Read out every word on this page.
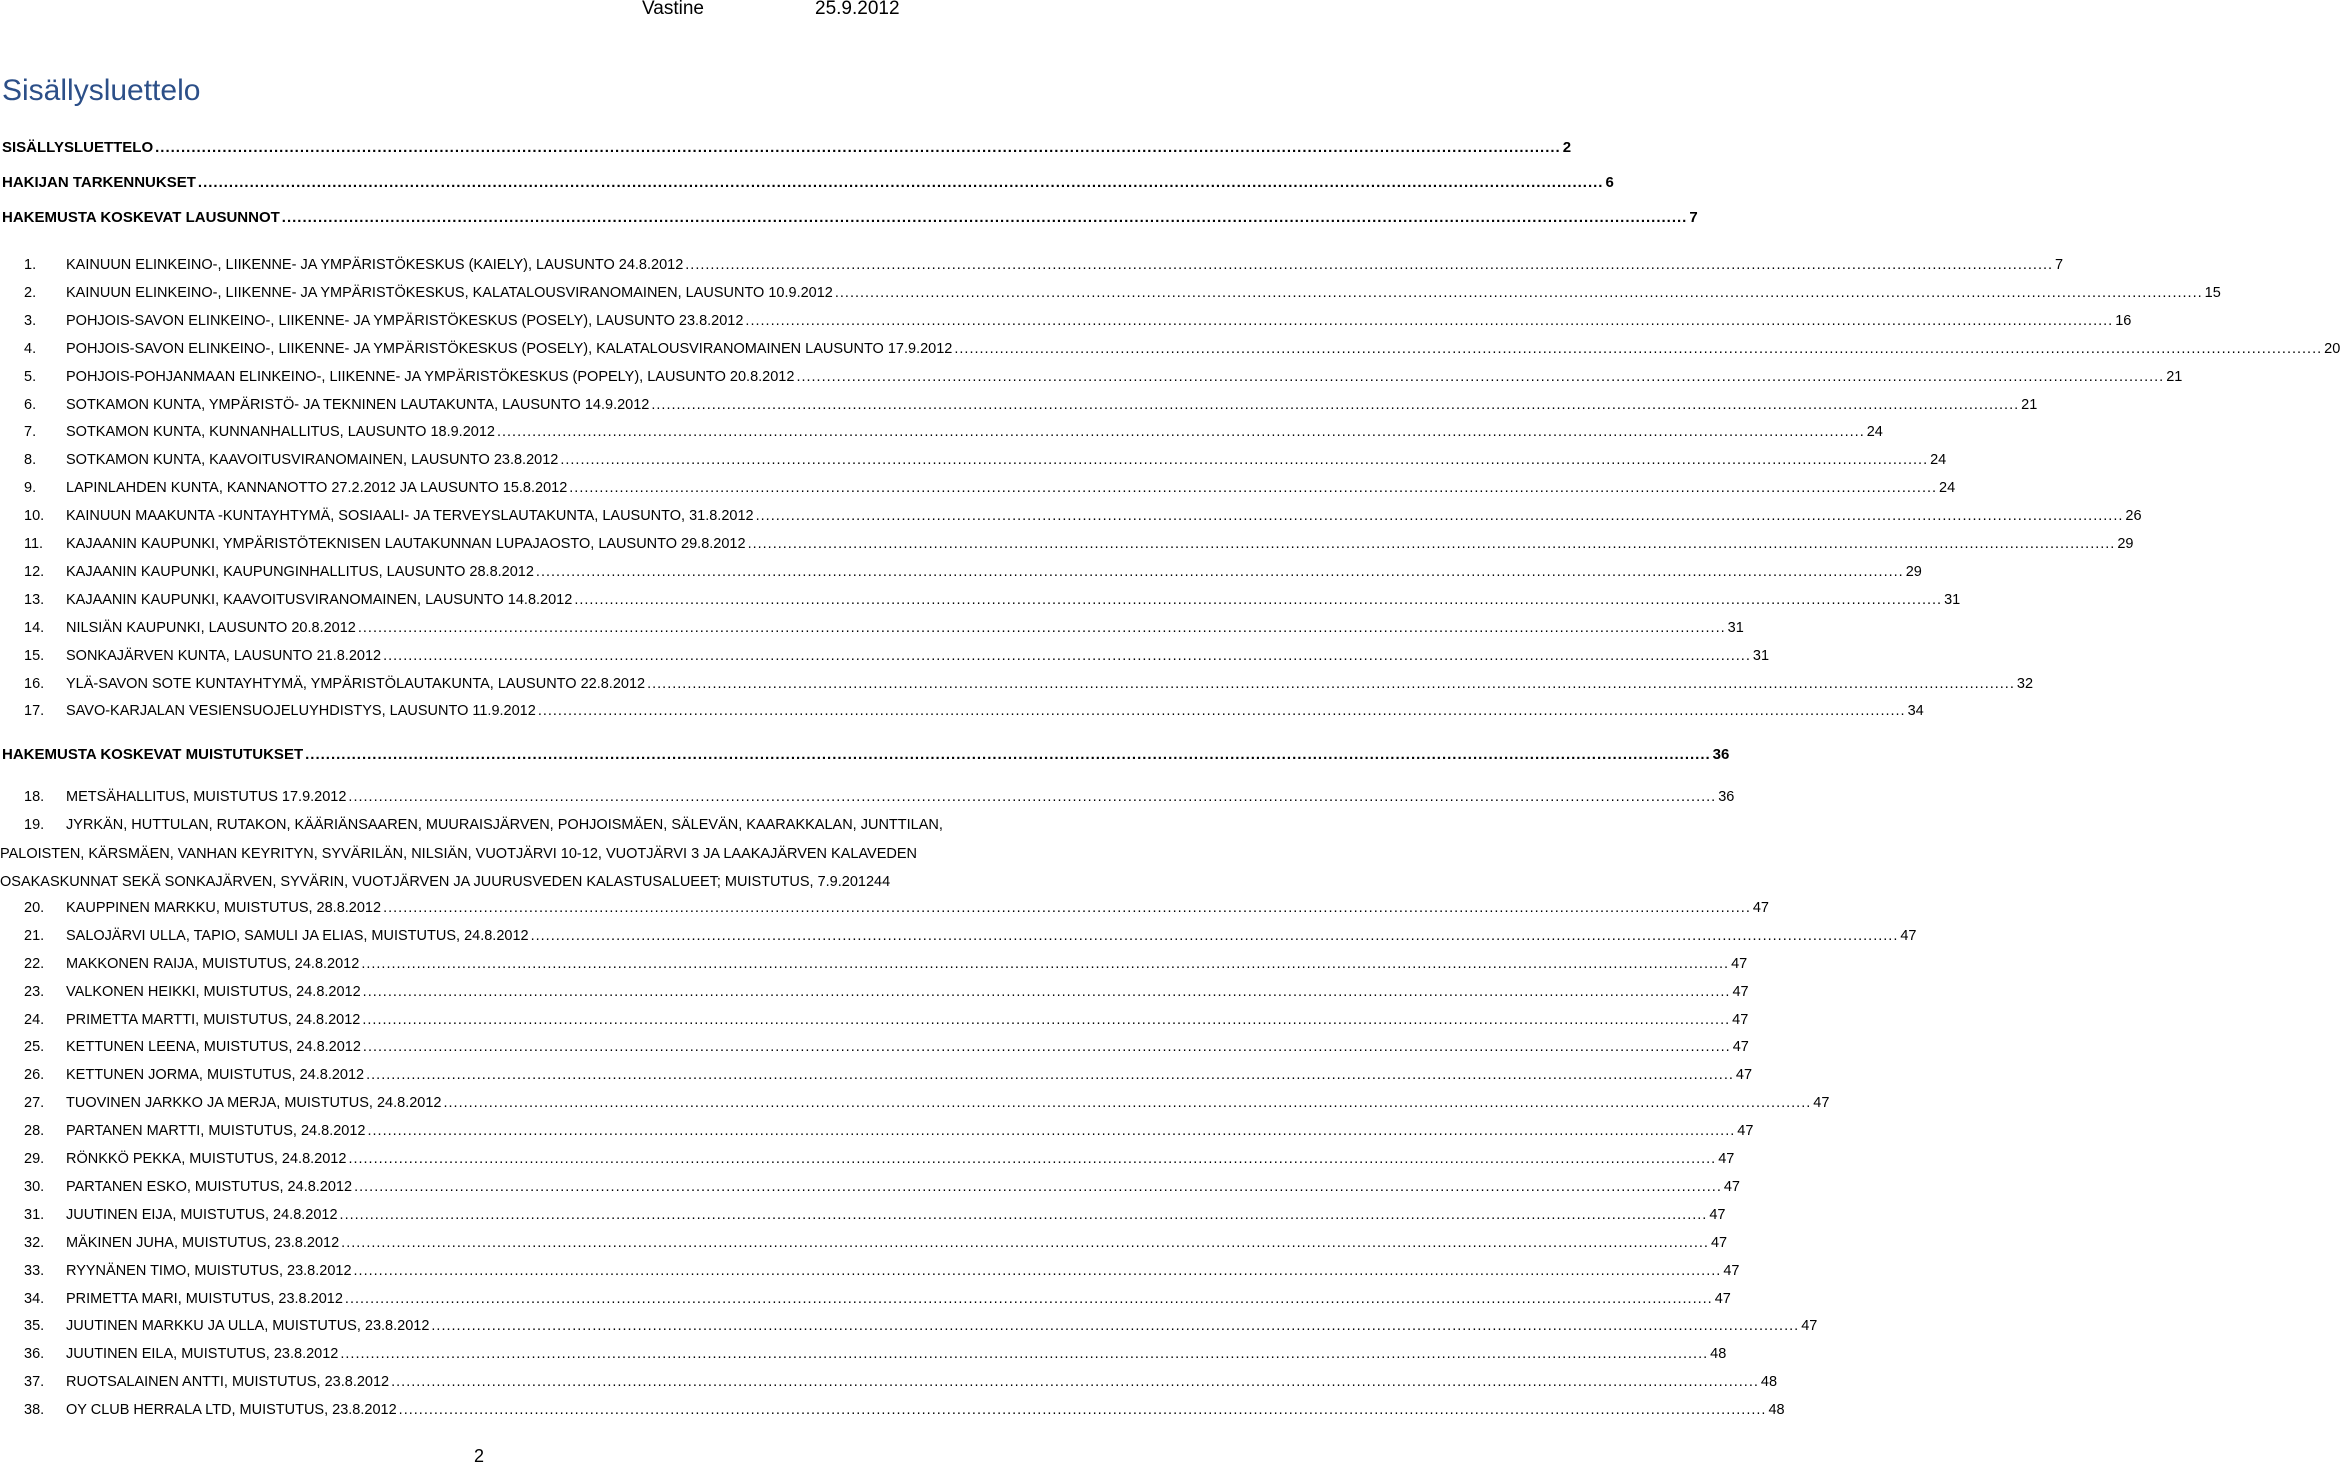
Vastine	25.9.2012
Sisällysluettelo
SISÄLLYSLUETTELO .....	2
HAKIJAN TARKENNUKSET .....	6
HAKEMUSTA KOSKEVAT LAUSUNNOT .....	7
1.	KAINUUN ELINKEINO-, LIIKENNE- JA YMPÄRISTÖKESKUS (KAIELY), LAUSUNTO 24.8.2012 .....	7
2.	KAINUUN ELINKEINO-, LIIKENNE- JA YMPÄRISTÖKESKUS, KALATALOUSVIRANOMAINEN, LAUSUNTO 10.9.2012 .....	15
3.	POHJOIS-SAVON ELINKEINO-, LIIKENNE- JA YMPÄRISTÖKESKUS (POSELY), LAUSUNTO 23.8.2012 .....	16
4.	POHJOIS-SAVON ELINKEINO-, LIIKENNE- JA YMPÄRISTÖKESKUS (POSELY), KALATALOUSVIRANOMAINEN LAUSUNTO 17.9.2012 .....	20
5.	POHJOIS-POHJANMAAN ELINKEINO-, LIIKENNE- JA YMPÄRISTÖKESKUS (POPELY), LAUSUNTO 20.8.2012 .....	21
6.	SOTKAMON KUNTA, YMPÄRISTÖ- JA TEKNINEN LAUTAKUNTA, LAUSUNTO 14.9.2012 .....	21
7.	SOTKAMON KUNTA, KUNNANHALLITUS, LAUSUNTO 18.9.2012 .....	24
8.	SOTKAMON KUNTA, KAAVOITUSVIRANOMAINEN, LAUSUNTO 23.8.2012 .....	24
9.	LAPINLAHDEN KUNTA, KANNANOTTO 27.2.2012 JA LAUSUNTO 15.8.2012 .....	24
10.	KAINUUN MAAKUNTA -KUNTAYHTYMÄ, SOSIAALI- JA TERVEYSLAUTAKUNTA, LAUSUNTO, 31.8.2012 .....	26
11.	KAJAANIN KAUPUNKI, YMPÄRISTÖTEKNISEN LAUTAKUNNAN LUPAJAOSTO, LAUSUNTO 29.8.2012 .....	29
12.	KAJAANIN KAUPUNKI, KAUPUNGINHALLITUS, LAUSUNTO 28.8.2012 .....	29
13.	KAJAANIN KAUPUNKI, KAAVOITUSVIRANOMAINEN, LAUSUNTO 14.8.2012 .....	31
14.	NILSIÄN KAUPUNKI, LAUSUNTO 20.8.2012 .....	31
15.	SONKAJÄRVEN KUNTA, LAUSUNTO 21.8.2012 .....	31
16.	YLÄ-SAVON SOTE KUNTAYHTYMÄ, YMPÄRISTÖLAUTAKUNTA, LAUSUNTO 22.8.2012 .....	32
17.	SAVO-KARJALAN VESIENSUOJELUYHDISTYS, LAUSUNTO 11.9.2012 .....	34
HAKEMUSTA KOSKEVAT MUISTUTUKSET .....	36
18.	METSÄHALLITUS, MUISTUTUS 17.9.2012 .....	36
19. JYRKÄN, HUTTULAN, RUTAKON, KÄÄRIÄNSAAREN, MUURAISJÄRVEN, POHJOISMÄEN, SÄLEVÄN, KAARAKKALAN, JUNTTILAN,
PALOISTEN, KÄRSMÄEN, VANHAN KEYRITYN, SYVÄRILÄN, NILSIÄN, VUOTJÄRVI 10-12, VUOTJÄRVI 3 JA LAAKAJÄRVEN KALAVEDEN
OSAKASKUNNAT SEKÄ SONKAJÄRVEN, SYVÄRIN, VUOTJÄRVEN JA JUURUSVEDEN KALASTUSALUEET; MUISTUTUS, 7.9.2012 44
20.	KAUPPINEN MARKKU, MUISTUTUS, 28.8.2012 .....	47
21.	SALOJÄRVI ULLA, TAPIO, SAMULI JA ELIAS, MUISTUTUS, 24.8.2012 .....	47
22.	MAKKONEN RAIJA, MUISTUTUS, 24.8.2012 .....	47
23.	VALKONEN HEIKKI, MUISTUTUS, 24.8.2012 .....	47
24.	PRIMETTA MARTTI, MUISTUTUS, 24.8.2012 .....	47
25.	KETTUNEN LEENA, MUISTUTUS, 24.8.2012 .....	47
26.	KETTUNEN JORMA, MUISTUTUS, 24.8.2012 .....	47
27.	TUOVINEN JARKKO JA MERJA, MUISTUTUS, 24.8.2012 .....	47
28.	PARTANEN MARTTI, MUISTUTUS, 24.8.2012 .....	47
29.	RÖNKKÖ PEKKA, MUISTUTUS, 24.8.2012 .....	47
30.	PARTANEN ESKO, MUISTUTUS, 24.8.2012 .....	47
31.	JUUTINEN EIJA, MUISTUTUS, 24.8.2012 .....	47
32.	MÄKINEN JUHA, MUISTUTUS, 23.8.2012 .....	47
33.	RYYNÄNEN TIMO, MUISTUTUS, 23.8.2012 .....	47
34.	PRIMETTA MARI, MUISTUTUS, 23.8.2012 .....	47
35.	JUUTINEN MARKKU JA ULLA, MUISTUTUS, 23.8.2012 .....	47
36.	JUUTINEN EILA, MUISTUTUS, 23.8.2012 .....	48
37.	RUOTSALAINEN ANTTI, MUISTUTUS, 23.8.2012 .....	48
38.	OY CLUB HERRALA LTD, MUISTUTUS, 23.8.2012 .....	48
2
